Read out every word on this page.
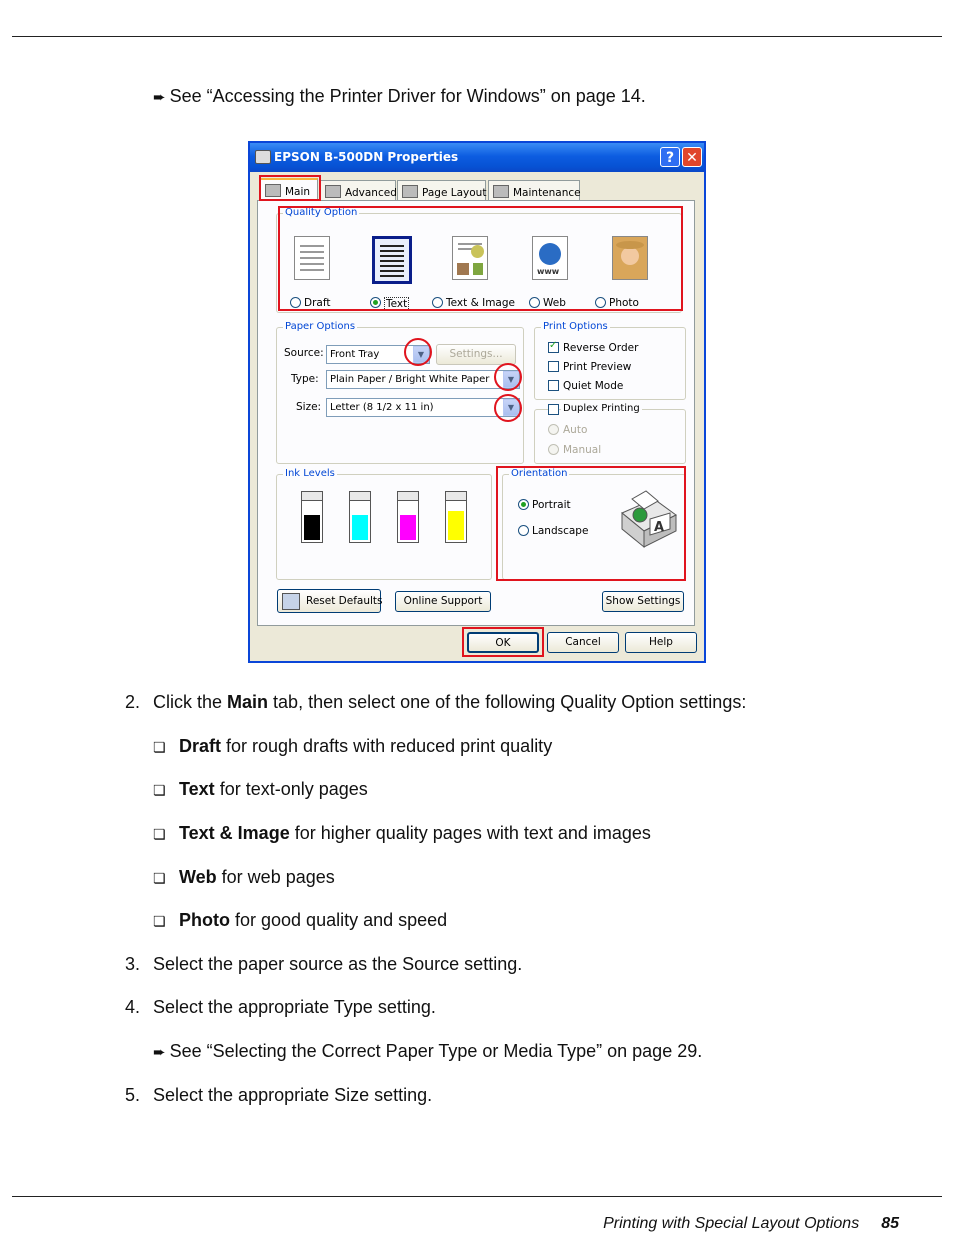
➨ See “Accessing the Printer Driver for Windows” on page 14.
EPSON B-500DN Properties	? ✕
Main	Advanced	Page Layout	Maintenance
Quality Option
www
Draft	Text	Text & Image	Web	Photo
Paper Options
Source: Front Tray	▼	Settings...
Type:	Plain Paper / Bright White Paper	▼
Size: Letter (8 1/2 x 11 in)	▼
Print Options
✓
Reverse Order
Print Preview
Quiet Mode
Duplex Printing
Auto
Manual
Ink Levels	Orientation
Portrait
Landscape	A
Reset Defaults	Online Support	Show Settings
OK	Cancel	Help
2. Click the Main tab, then select one of the following Quality Option settings:
❏ Draft for rough drafts with reduced print quality
❏ Text for text-only pages
❏ Text & Image for higher quality pages with text and images
❏ Web for web pages
❏ Photo for good quality and speed
3. Select the paper source as the Source setting.
4. Select the appropriate Type setting.
➨ See “Selecting the Correct Paper Type or Media Type” on page 29.
5. Select the appropriate Size setting.
Printing with Special Layout Options 85
